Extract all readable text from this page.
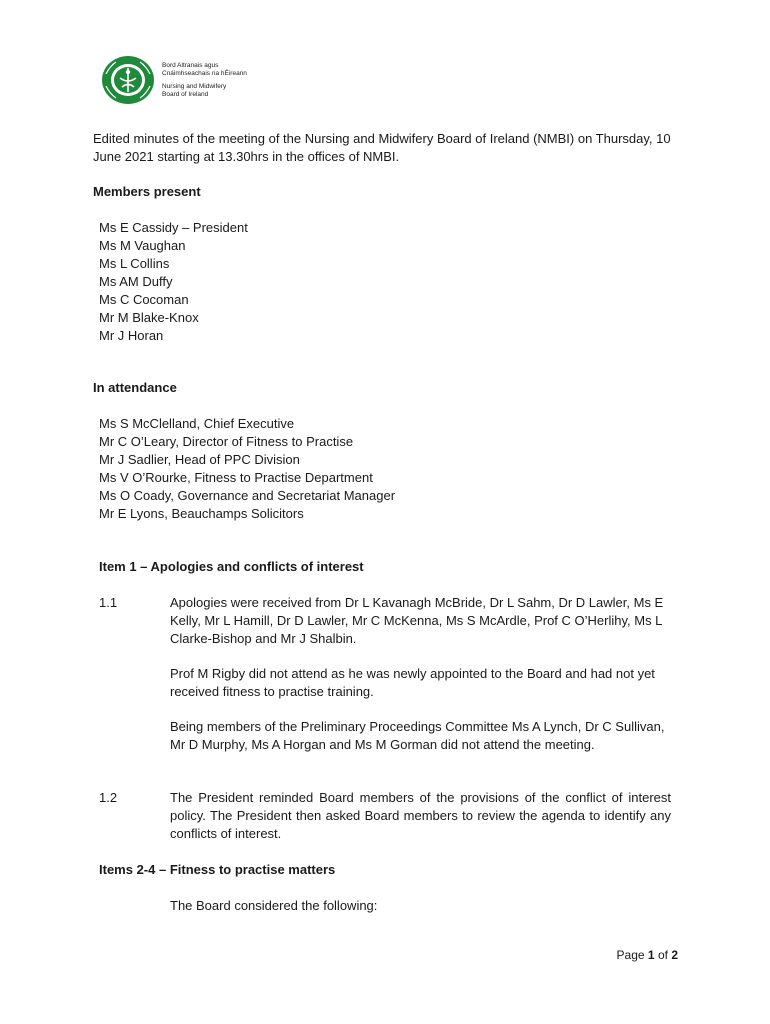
Bord Altranais agus
Cnáimhseachais na hÉireann
Nursing and Midwifery
Board of Ireland
Edited minutes of the meeting of the Nursing and Midwifery Board of Ireland (NMBI) on Thursday, 10 June 2021 starting at 13.30hrs in the offices of NMBI.
Members present
Ms E Cassidy – President
Ms M Vaughan
Ms L Collins
Ms AM Duffy
Ms C Cocoman
Mr M Blake-Knox
Mr J Horan
In attendance
Ms S McClelland, Chief Executive
Mr C O’Leary, Director of Fitness to Practise
Mr J Sadlier, Head of PPC Division
Ms V O’Rourke, Fitness to Practise Department
Ms O Coady, Governance and Secretariat Manager
Mr E Lyons, Beauchamps Solicitors
Item 1 – Apologies and conflicts of interest
1.1	Apologies were received from Dr L Kavanagh McBride, Dr L Sahm, Dr D Lawler, Ms E Kelly, Mr L Hamill, Dr D Lawler, Mr C McKenna, Ms S McArdle, Prof C O’Herlihy, Ms L Clarke-Bishop and Mr J Shalbin.

Prof M Rigby did not attend as he was newly appointed to the Board and had not yet received fitness to practise training.

Being members of the Preliminary Proceedings Committee Ms A Lynch, Dr C Sullivan, Mr D Murphy, Ms A Horgan and Ms M Gorman did not attend the meeting.

1.2	The President reminded Board members of the provisions of the conflict of interest policy. The President then asked Board members to review the agenda to identify any conflicts of interest.

Items 2-4 – Fitness to practise matters

The Board considered the following:

Page 1 of 2
